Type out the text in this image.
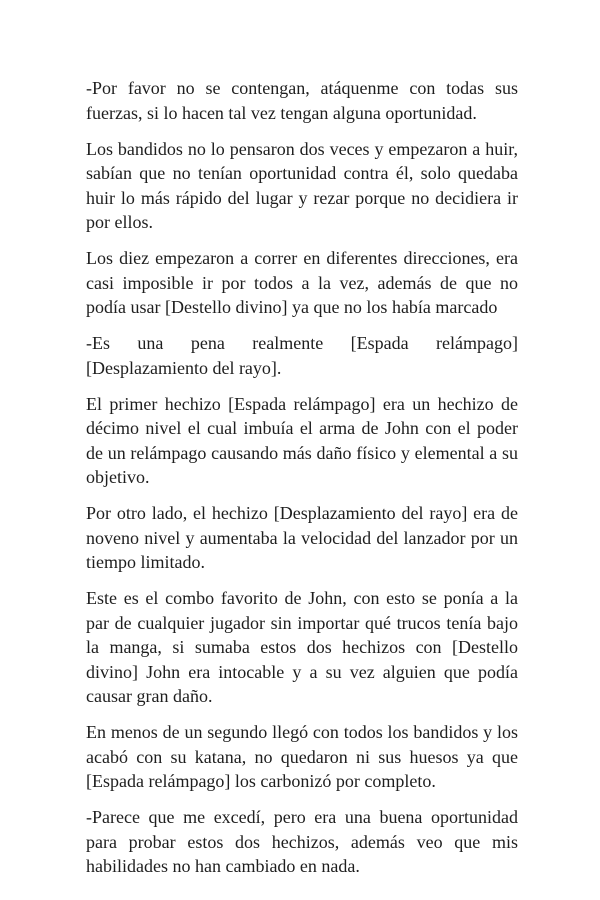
-Por favor no se contengan, atáquenme con todas sus fuerzas, si lo hacen tal vez tengan alguna oportunidad.

Los bandidos no lo pensaron dos veces y empezaron a huir, sabían que no tenían oportunidad contra él, solo quedaba huir lo más rápido del lugar y rezar porque no decidiera ir por ellos.

Los diez empezaron a correr en diferentes direcciones, era casi imposible ir por todos a la vez, además de que no podía usar [Destello divino] ya que no los había marcado

-Es una pena realmente [Espada relámpago] [Desplazamiento del rayo].

El primer hechizo [Espada relámpago] era un hechizo de décimo nivel el cual imbuía el arma de John con el poder de un relámpago causando más daño físico y elemental a su objetivo.

Por otro lado, el hechizo [Desplazamiento del rayo] era de noveno nivel y aumentaba la velocidad del lanzador por un tiempo limitado.

Este es el combo favorito de John, con esto se ponía a la par de cualquier jugador sin importar qué trucos tenía bajo la manga, si sumaba estos dos hechizos con [Destello divino] John era intocable y a su vez alguien que podía causar gran daño.

En menos de un segundo llegó con todos los bandidos y los acabó con su katana, no quedaron ni sus huesos ya que [Espada relámpago] los carbonizó por completo.

-Parece que me excedí, pero era una buena oportunidad para probar estos dos hechizos, además veo que mis habilidades no han cambiado en nada.
